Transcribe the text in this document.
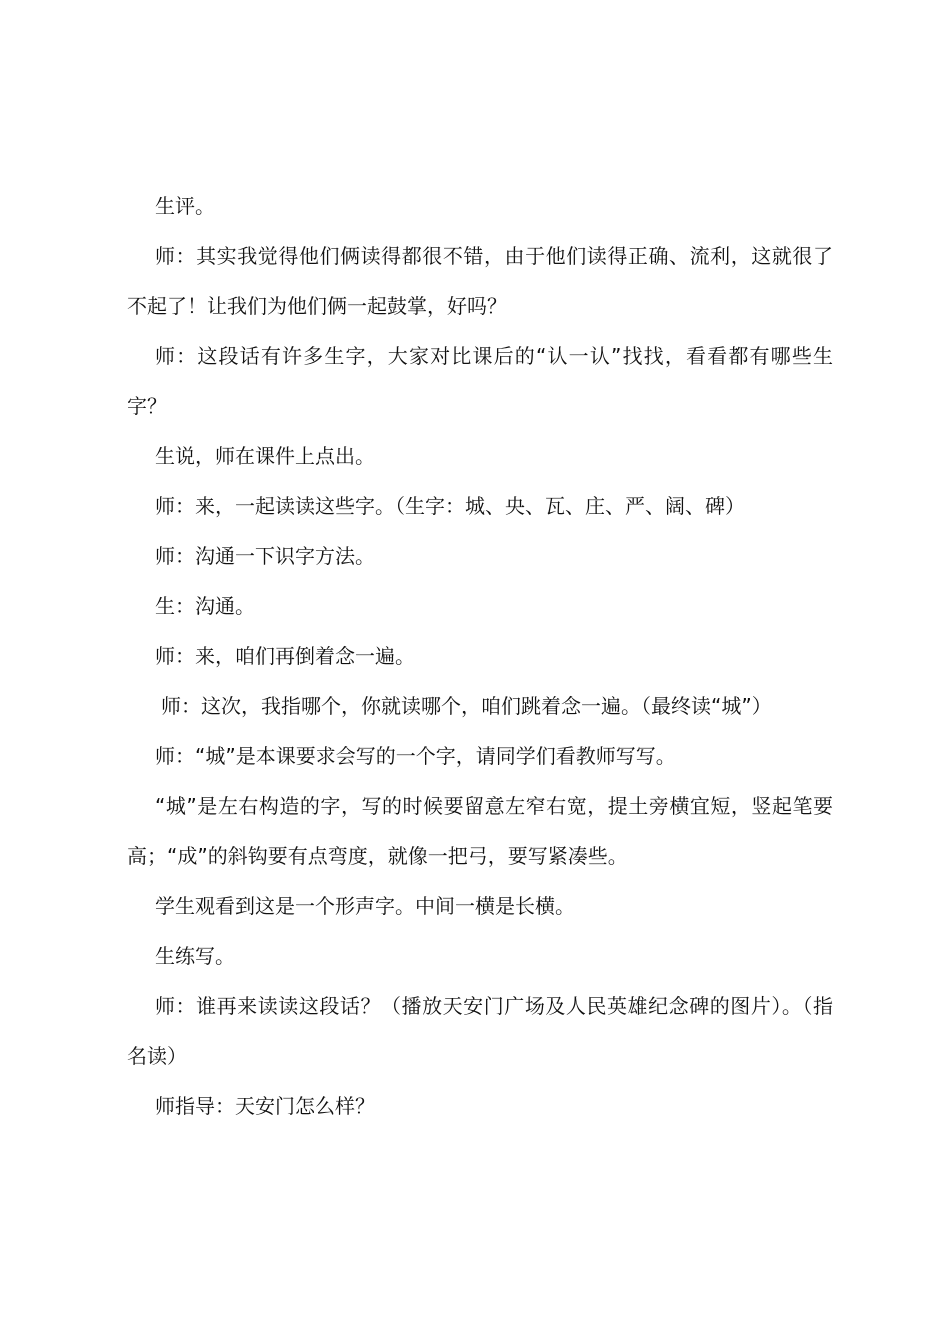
生评。

师：其实我觉得他们俩读得都很不错，由于他们读得正确、流利，这就很了不起了！让我们为他们俩一起鼓掌，好吗？

师：这段话有许多生字，大家对比课后的“认一认”找找，看看都有哪些生字？

生说，师在课件上点出。

师：来，一起读读这些字。（生字：城、央、瓦、庄、严、阔、碑）

师：沟通一下识字方法。

生：沟通。

师：来，咱们再倒着念一遍。

师：这次，我指哪个，你就读哪个，咱们跳着念一遍。（最终读“城”）

师：“城”是本课要求会写的一个字，请同学们看教师写写。

“城”是左右构造的字，写的时候要留意左窄右宽，提土旁横宜短，竖起笔要高；“成”的斜钩要有点弯度，就像一把弓，要写紧凑些。

学生观看到这是一个形声字。中间一横是长横。

生练写。

师：谁再来读读这段话？（播放天安门广场及人民英雄纪念碑的图片）。（指名读）

师指导：天安门怎么样？
